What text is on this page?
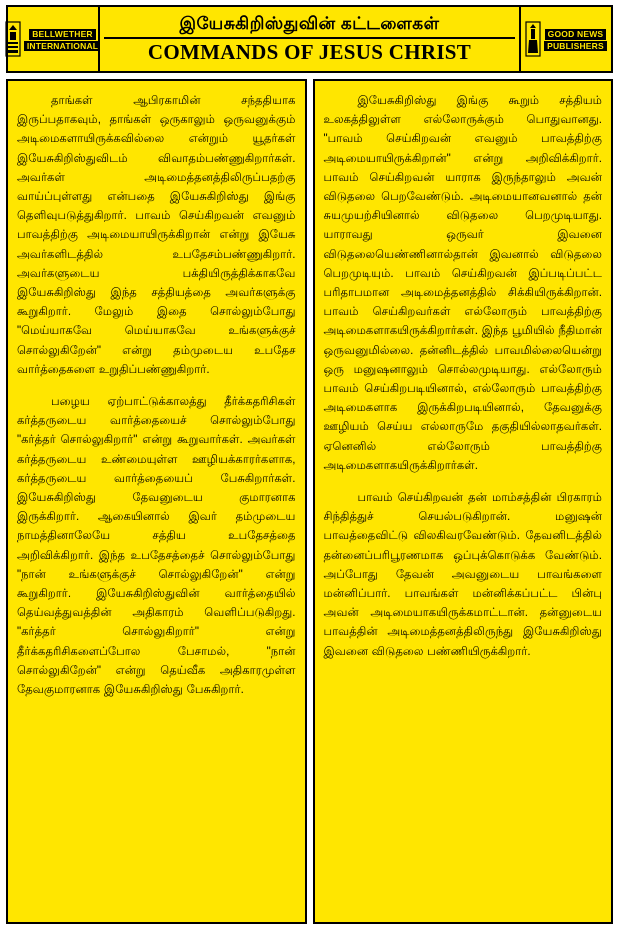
BELLWETHER
INTERNATIONAL
இயேசுகிறிஸ்துவின் கட்டளைகள்
COMMANDS OF JESUS CHRIST
GOOD NEWS
PUBLISHERS

தாங்கள் ஆபிரகாமின் சந்ததியாக இருப்பதாகவும், தாங்கள் ஒருகாலும் ஒருவனுக்கும் அடிமைகளாயிருக்கவில்லை என்றும் யூதர்கள் இயேசுகிறிஸ்துவிடம் விவாதம்பண்ணுகிறார்கள். அவர்கள் அடிமைத்தனத்திலிருப்பதற்கு வாய்ப்புள்ளது என்பதை இயேசுகிறிஸ்து இங்கு தெளிவுபடுத்துகிறார். பாவம் செய்கிறவன் எவனும் பாவத்திற்கு அடிமையாயிருக்கிறான் என்று இயேசு அவர்களிடத்தில் உபதேசம்பண்ணுகிறார். அவர்களுடைய பக்தியிருத்திக்காகவே இயேசுகிறிஸ்து இந்த சத்தியத்தை அவர்களுக்கு கூறுகிறார். மேலும் இதை சொல்லும்போது "மெய்யாகவே மெய்யாகவே உங்களுக்குச் சொல்லுகிறேன்" என்று தம்முடைய உபதேச வார்த்தைகளை உறுதிப்பண்ணுகிறார்.

பழைய ஏற்பாட்டுக்காலத்து தீர்க்கதரிசிகள் கர்த்தருடைய வார்த்தையைச் சொல்லும்போது "கர்த்தர் சொல்லுகிறார்" என்று கூறுவார்கள். அவர்கள் கர்த்தருடைய உண்மையுள்ள ஊழியக்காரர்களாக, கர்த்தருடைய வார்த்தையைப் பேசுகிறார்கள். இயேசுகிறிஸ்து தேவனுடைய குமாரனாக இருக்கிறார். ஆகையினால் இவர் தம்முடைய நாமத்தினாலேயே சத்திய உபதேசத்தை அறிவிக்கிறார். இந்த உபதேசத்தைச் சொல்லும்போது "நான் உங்களுக்குச் சொல்லுகிறேன்" என்று கூறுகிறார். இயேசுகிறிஸ்துவின் வார்த்தையில் தெய்வத்துவத்தின் அதிகாரம் வெளிப்படுகிறது. "கர்த்தர் சொல்லுகிறார்" என்று தீர்க்கதரிசிகளைப்போல பேசாமல், "நான் சொல்லுகிறேன்" என்று தெய்வீக அதிகாரமுள்ள தேவகுமாரனாக இயேசுகிறிஸ்து பேசுகிறார்.

இயேசுகிறிஸ்து இங்கு கூறும் சத்தியம் உலகத்திலுள்ள எல்லோருக்கும் பொதுவானது. "பாவம் செய்கிறவன் எவனும் பாவத்திற்கு அடிமையாயிருக்கிறான்" என்று அறிவிக்கிறார். பாவம் செய்கிறவன் யாராக இருந்தாலும் அவன் விடுதலை பெறவேண்டும். அடிமையானவனால் தன் சுயமுயற்சியினால் விடுதலை பெறமுடியாது. யாராவது ஒருவர் இவனை விடுதலையெண்ணினால்தான் இவனால் விடுதலை பெறமுடியும். பாவம் செய்கிறவன் இப்படிப்பட்ட பரிதாபமான அடிமைத்தனத்தில் சிக்கியிருக்கிறான். பாவம் செய்கிறவர்கள் எல்லோரும் பாவத்திற்கு அடிமைகளாகயிருக்கிறார்கள். இந்த பூமியில் நீதிமான் ஒருவனுமில்லை. தன்னிடத்தில் பாவமில்லையென்று ஒரு மனுஷனாலும் சொல்லமுடியாது. எல்லோரும் பாவம் செய்கிறபடியினால், எல்லோரும் பாவத்திற்கு அடிமைகளாக இருக்கிறபடியினால், தேவனுக்கு ஊழியம் செய்ய எல்லாருமே தகுதியில்லாதவர்கள். ஏனெனில் எல்லோரும் பாவத்திற்கு அடிமைகளாகயிருக்கிறார்கள்.

பாவம் செய்கிறவன் தன் மாம்சத்தின் பிரகாரம் சிந்தித்துச் செயல்படுகிறான். மனுஷன் பாவத்தைவிட்டு விலகிவரவேண்டும். தேவனிடத்தில் தன்னைப்பரிபூரணமாக ஒப்புக்கொடுக்க வேண்டும். அப்போது தேவன் அவனுடைய பாவங்களை மன்னிப்பார். பாவங்கள் மன்னிக்கப்பட்ட பின்பு அவன் அடிமையாகயிருக்கமாட்டான். தன்னுடைய பாவத்தின் அடிமைத்தனத்திலிருந்து இயேசுகிறிஸ்து இவனை விடுதலை பண்ணியிருக்கிறார்.
